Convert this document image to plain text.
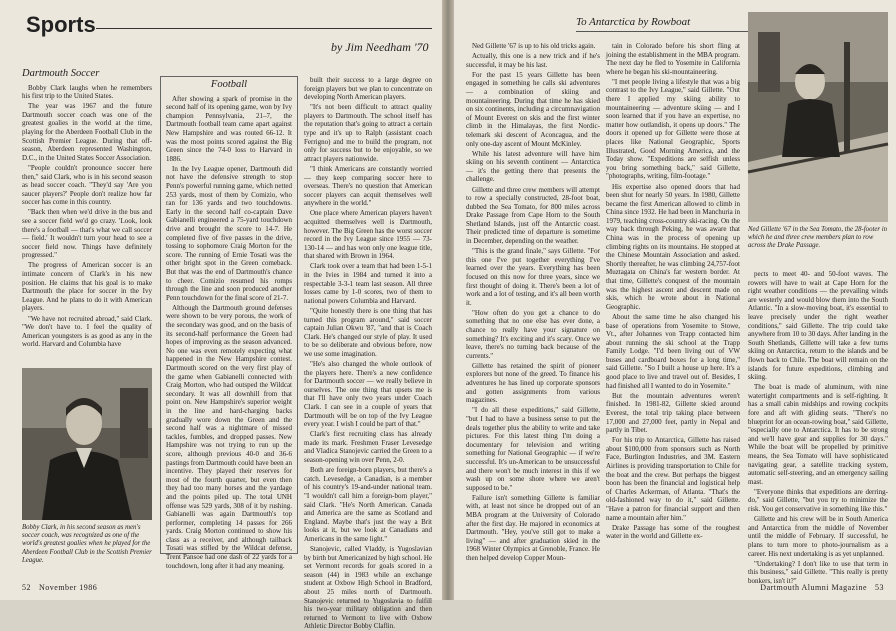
Sports
by Jim Needham '70
Dartmouth Soccer

Bobby Clark laughs when he remembers his first trip to the United States.

The year was 1967 and the future Dartmouth soccer coach was one of the greatest goalies in the world at the time, playing for the Aberdeen Football Club in the Scottish Premier League. During that off-season, Aberdeen represented Washington, D.C., in the United States Soccer Association.

"People couldn't pronounce soccer here then," said Clark, who is in his second season as head soccer coach. "They'd say 'Are you saucer players?' People don't realize how far soccer has come in this country.

"Back then when we'd drive in the bus and see a soccer field we'd go crazy. 'Look, look there's a football — that's what we call soccer — field.' It wouldn't turn your head to see a soccer field now. Things have definitely progressed."

The progress of American soccer is an intimate concern of Clark's in his new position. He claims that his goal is to make Dartmouth the place for soccer in the Ivy League. And he plans to do it with American players.

"We have not recruited abroad," said Clark. "We don't have to. I feel the quality of American youngsters is as good as any in the world. Harvard and Columbia have

Bobby Clark, in his second season as men's soccer coach, was recognized as one of the world's greatest goalies when he played for the Aberdeen Football Club in the Scottish Premier League.
Football

After showing a spark of promise in the second half of its opening game, won by Ivy champion Pennsylvania, 21–7, the Dartmouth football team came apart against New Hampshire and was routed 66-12. It was the most points scored against the Big Green since the 74-0 loss to Harvard in 1886.

In the Ivy League opener, Dartmouth did not have the defensive strength to stop Penn's powerful running game, which netted 253 yards, most of them by Comizio, who ran for 136 yards and two touchdowns. Early in the second half co-captain Dave Gabianelli engineered a 75-yard touchdown drive and brought the score to 14-7. He completed five of five passes in the drive, tossing to sophomore Craig Morton for the score. The running of Ernie Tosati was the other bright spot in the Green comeback. But that was the end of Dartmouth's chance to cheer. Comizio resumed his romps through the line and soon produced another Penn touchdown for the final score of 21-7.

Although the Dartmouth ground defenses were shown to be very porous, the work of the secondary was good, and on the basis of its second-half performance the Green had hopes of improving as the season advanced. No one was even remotely expecting what happened in the New Hampshire contest. Dartmouth scored on the very first play of the game when Gabianelli connected with Craig Morton, who had outsped the Wildcat secondary. It was all downhill from that point on. New Hampshire's superior weight in the line and hard-charging backs gradually wore down the Green and the second half was a nightmare of missed tackles, fumbles, and dropped passes. New Hampshire was not trying to run up the score, although previous 40-0 and 36-6 pastings from Dartmouth could have been an incentive. They played their reserves for most of the fourth quarter, but even then they had too many horses and the yardage and the points piled up. The total UNH offense was 529 yards, 308 of it by rushing. Gabianelli was again Dartmouth's top performer, completing 14 passes for 266 yards. Craig Morton continued to show his class as a receiver, and although tailback Tosati was stifled by the Wildcat defense, Trent Pansoe had one dash of 22 yards for a touchdown, long after it had any meaning.

built their success to a large degree on foreign players but we plan to concentrate on developing North American players.

"It's not been difficult to attract quality players to Dartmouth. The school itself has the reputation that's going to attract a certain type and it's up to Ralph (assistant coach Ferrigno) and me to build the program, not only for success but to be enjoyable, so we attract players nationwide.

"I think Americans are constantly worried — they keep comparing soccer here to overseas. There's no question that American soccer players can acquit themselves well anywhere in the world."

One place where American players haven't acquitted themselves well is Dartmouth, however. The Big Green has the worst soccer record in the Ivy League since 1955 — 73-130-14 — and has won only one league title, that shared with Brown in 1964.

Clark took over a team that had been 1-5-1 in the Ivies in 1984 and turned it into a respectable 3-3-1 team last season. All three losses came by 1-0 scores, two of them to national powers Columbia and Harvard.

"Quite honestly there is one thing that has turned this program around," said soccer captain Julian Okwu '87, "and that is Coach Clark. He's changed our style of play. It used to be so deliberate and obvious before, now we use some imagination.

"He's also changed the whole outlook of the players here. There's a new confidence for Dartmouth soccer — we really believe in ourselves. The one thing that upsets me is that I'll have only two years under Coach Clark. I can see in a couple of years that Dartmouth will be on top of the Ivy League every year. I wish I could be part of that."

Clark's first recruiting class has already made its mark. Freshmen Fraser Levesedge and Vladica Stanojevic carried the Green to a season-opening win over Penn, 2-0.

Both are foreign-born players, but there's a catch. Levesedge, a Canadian, is a member of his country's 19-and-under national team. "I wouldn't call him a foreign-born player," said Clark. "He's North American. Canada and America are the same as Scotland and England. Maybe that's just the way a Brit looks at it, but we look at Canadians and Americans in the same light."

Stanojevic, called Vladdy, is Yugoslavian by birth but Americanized by high school. He set Vermont records for goals scored in a season (44) in 1983 while an exchange student at Oxbow High School in Bradford, about 25 miles north of Dartmouth. Stanojevic returned to Yugoslavia to fulfill his two-year military obligation and then returned to Vermont to live with Oxbow Athletic Director Bobby Claflin.

52 November 1986
To Antarctica by Rowboat

Ned Gillette '67 is up to his old tricks again.

Actually, this one is a new trick and if he's successful, it may be his last.

For the past 15 years Gillette has been engaged in something he calls ski adventures — a combination of skiing and mountaineering. During that time he has skied on six continents, including a circumnavigation of Mount Everest on skis and the first winter climb in the Himalayas, the first Nordic-telemark ski descent of Aconcagua, and the only one-day ascent of Mount McKinley.

While his latest adventure will have him skiing on his seventh continent — Antarctica — it's the getting there that presents the challenge.

Gillette and three crew members will attempt to row a specially constructed, 28-foot boat, dubbed the Sea Tomato, for 800 miles across Drake Passage from Cape Horn to the South Shetland Islands, just off the Antarctic coast. Their predicted time of departure is sometime in December, depending on the weather.

"This is the grand finale," says Gillette. "For this one I've put together everything I've learned over the years. Everything has been focused on this now for three years, since we first thought of doing it. There's been a lot of work and a lot of testing, and it's all been worth it.

"How often do you get a chance to do something that no one else has ever done, a chance to really have your signature on something? It's exciting and it's scary. Once we leave, there's no turning back because of the currents."

Gillette has retained the spirit of pioneer explorers but none of the greed. To finance his adventures he has lined up corporate sponsors and gotten assignments from various magazines.

"I do all these expeditions," said Gillette, "but I had to have a business sense to put the deals together plus the ability to write and take pictures. For this latest thing I'm doing a documentary for television and writing something for National Geographic — if we're successful. It's un-American to be unsuccessful and there won't be much interest in this if we wash up on some shore where we aren't supposed to be."

Failure isn't something Gillette is familiar with, at least not since he dropped out of an MBA program at the University of Colorado after the first day. He majored in economics at Dartmouth. "Hey, you've still got to make a living" — and after graduation skied in the 1968 Winter Olympics at Grenoble, France. He then helped develop Copper Moun-

tain in Colorado before his short fling at joining the establishment in the MBA program. The next day he fled to Yosemite in California where he began his ski-mountaineering.

"I met people living a lifestyle that was a big contrast to the Ivy League," said Gillette. "Out there I applied my skiing ability to mountaineering — adventure skiing — and I soon learned that if you have an expertise, no matter how outlandish, it opens up doors." The doors it opened up for Gillette were those at places like National Geographic, Sports Illustrated, Good Morning America, and the Today show. "Expeditions are selfish unless you bring something back," said Gillette, "photographs, writing, film-footage."

His expertise also opened doors that had been shut for nearly 50 years. In 1980, Gillette became the first American allowed to climb in China since 1932. He had been in Manchuria in 1979, teaching cross-country ski-racing. On the way back through Peking, he was aware that China was in the process of opening up climbing rights on its mountains. He stopped at the Chinese Mountain Association and asked. Shortly thereafter, he was climbing 24,757-foot Muztagata on China's far western border. At that time, Gillette's conquest of the mountain was the highest ascent and descent made on skis, which he wrote about in National Geographic.

About the same time he also changed his base of operations from Yosemite to Stowe, Vt., after Johannes von Trapp contacted him about running the ski school at the Trapp Family Lodge. "I'd been living out of VW buses and cardboard boxes for a long time," said Gillette. "So I built a house up here. It's a good place to live and travel out of. Besides, I had finished all I wanted to do in Yosemite."

But the mountain adventures weren't finished. In 1981-82, Gillette skied around Everest, the total trip taking place between 17,000 and 27,000 feet, partly in Nepal and partly in Tibet.

For his trip to Antarctica, Gillette has raised about $100,000 from sponsors such as North Face, Burlington Industries, and 3M. Eastern Airlines is providing transportation to Chile for the boat and the crew. But perhaps the biggest boon has been the financial and logistical help of Charles Ackerman, of Atlanta. "That's the old-fashioned way to do it," said Gillette. "Have a patron for financial support and then name a mountain after him."

Drake Passage has some of the roughest water in the world and Gillette ex-

Ned Gillette '67 in the Sea Tomato, the 28-footer in which he and three crew members plan to row across the Drake Passage.

pects to meet 40- and 50-foot waves. The rowers will have to wait at Cape Horn for the right weather conditions — the prevailing winds are westerly and would blow them into the South Atlantic. "In a slow-moving boat, it's essential to leave precisely under the right weather conditions," said Gillette. The trip could take anywhere from 10 to 30 days. After landing in the South Shetlands, Gillette will take a few turns skiing on Antarctica, return to the islands and be flown back to Chile. The boat will remain on the islands for future expeditions, climbing and skiing.

The boat is made of aluminum, with nine watertight compartments and is self-righting. It has a small cabin midships and rowing cockpits fore and aft with gliding seats. "There's no blueprint for an ocean-rowing boat," said Gillette, "especially one to Antarctica. It has to be strong and we'll have gear and supplies for 30 days." While the boat will be propelled by primitive means, the Sea Tomato will have sophisticated navigating gear, a satellite tracking system, automatic self-steering, and an emergency sailing mast.

"Everyone thinks that expeditions are derring-do," said Gillette, "but you try to minimize the risk. You get conservative in something like this."

Gillette and his crew will be in South America and Antarctica from the middle of November until the middle of February. If successful, he plans to turn more to photo-journalism as a career. His next undertaking is as yet unplanned.

"Undertaking? I don't like to use that term in this business," said Gillette. "This really is pretty bonkers, isn't it?"

Dartmouth Alumni Magazine 53
